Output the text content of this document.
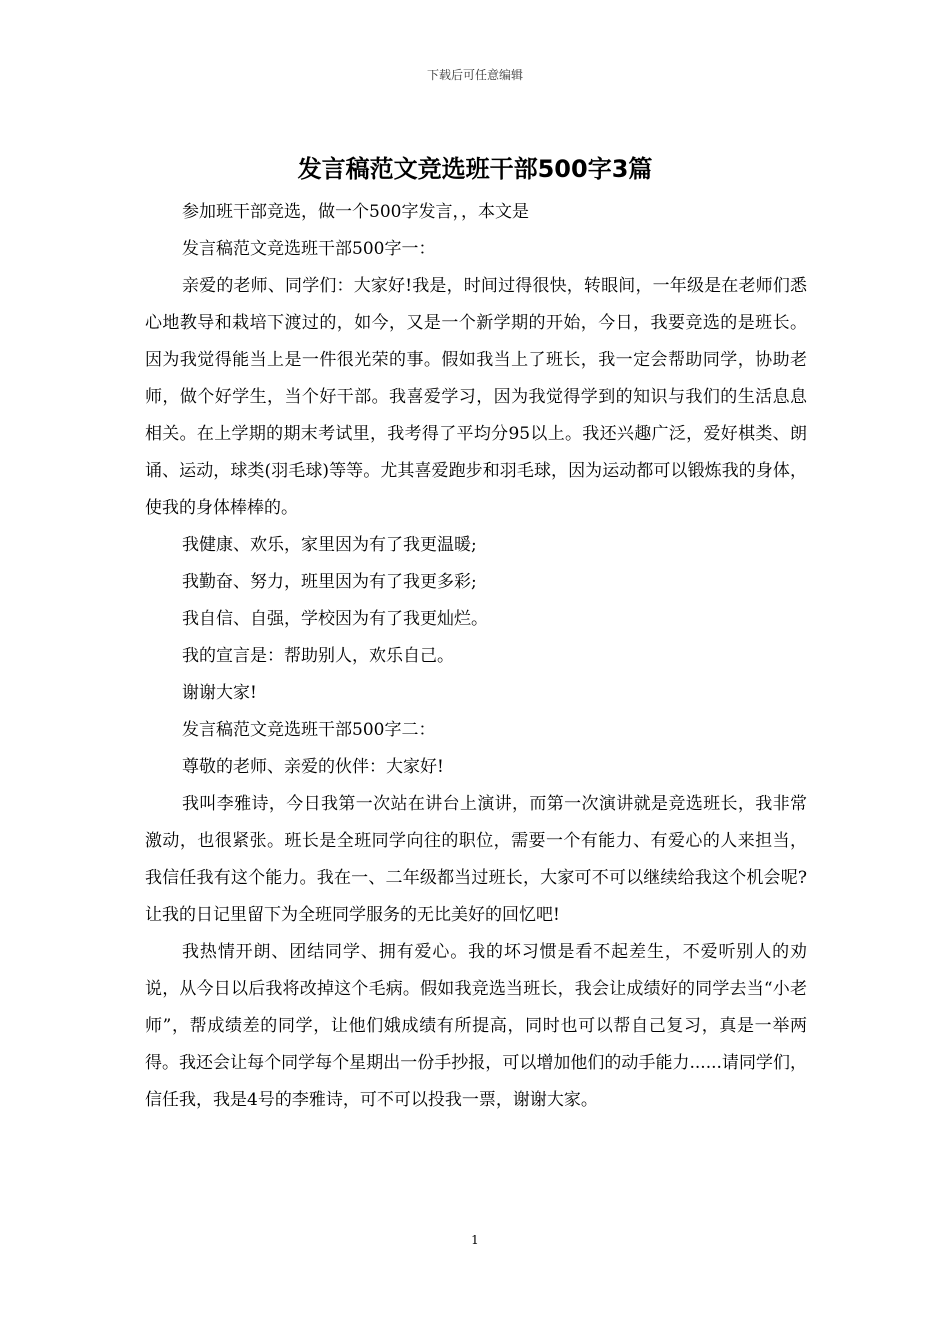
下载后可任意编辑
发言稿范文竞选班干部500字3篇

参加班干部竞选，做一个500字发言，，本文是

发言稿范文竞选班干部500字一：

亲爱的老师、同学们：大家好!我是，时间过得很快，转眼间，一年级是在老师们悉心地教导和栽培下渡过的，如今，又是一个新学期的开始，今日，我要竞选的是班长。因为我觉得能当上是一件很光荣的事。假如我当上了班长，我一定会帮助同学，协助老师，做个好学生，当个好干部。我喜爱学习，因为我觉得学到的知识与我们的生活息息相关。在上学期的期末考试里，我考得了平均分95以上。我还兴趣广泛，爱好棋类、朗诵、运动，球类(羽毛球)等等。尤其喜爱跑步和羽毛球，因为运动都可以锻炼我的身体，使我的身体棒棒的。

我健康、欢乐，家里因为有了我更温暖;

我勤奋、努力，班里因为有了我更多彩;

我自信、自强，学校因为有了我更灿烂。

我的宣言是：帮助别人，欢乐自己。

谢谢大家!

发言稿范文竞选班干部500字二：

尊敬的老师、亲爱的伙伴：大家好!

我叫李雅诗，今日我第一次站在讲台上演讲，而第一次演讲就是竞选班长，我非常激动，也很紧张。班长是全班同学向往的职位，需要一个有能力、有爱心的人来担当，我信任我有这个能力。我在一、二年级都当过班长，大家可不可以继续给我这个机会呢?让我的日记里留下为全班同学服务的无比美好的回忆吧!

我热情开朗、团结同学、拥有爱心。我的坏习惯是看不起差生，不爱听别人的劝说，从今日以后我将改掉这个毛病。假如我竞选当班长，我会让成绩好的同学去当“小老师”，帮成绩差的同学，让他们娥成绩有所提高，同时也可以帮自己复习，真是一举两得。我还会让每个同学每个星期出一份手抄报，可以增加他们的动手能力......请同学们，信任我，我是4号的李雅诗，可不可以投我一票，谢谢大家。

1
